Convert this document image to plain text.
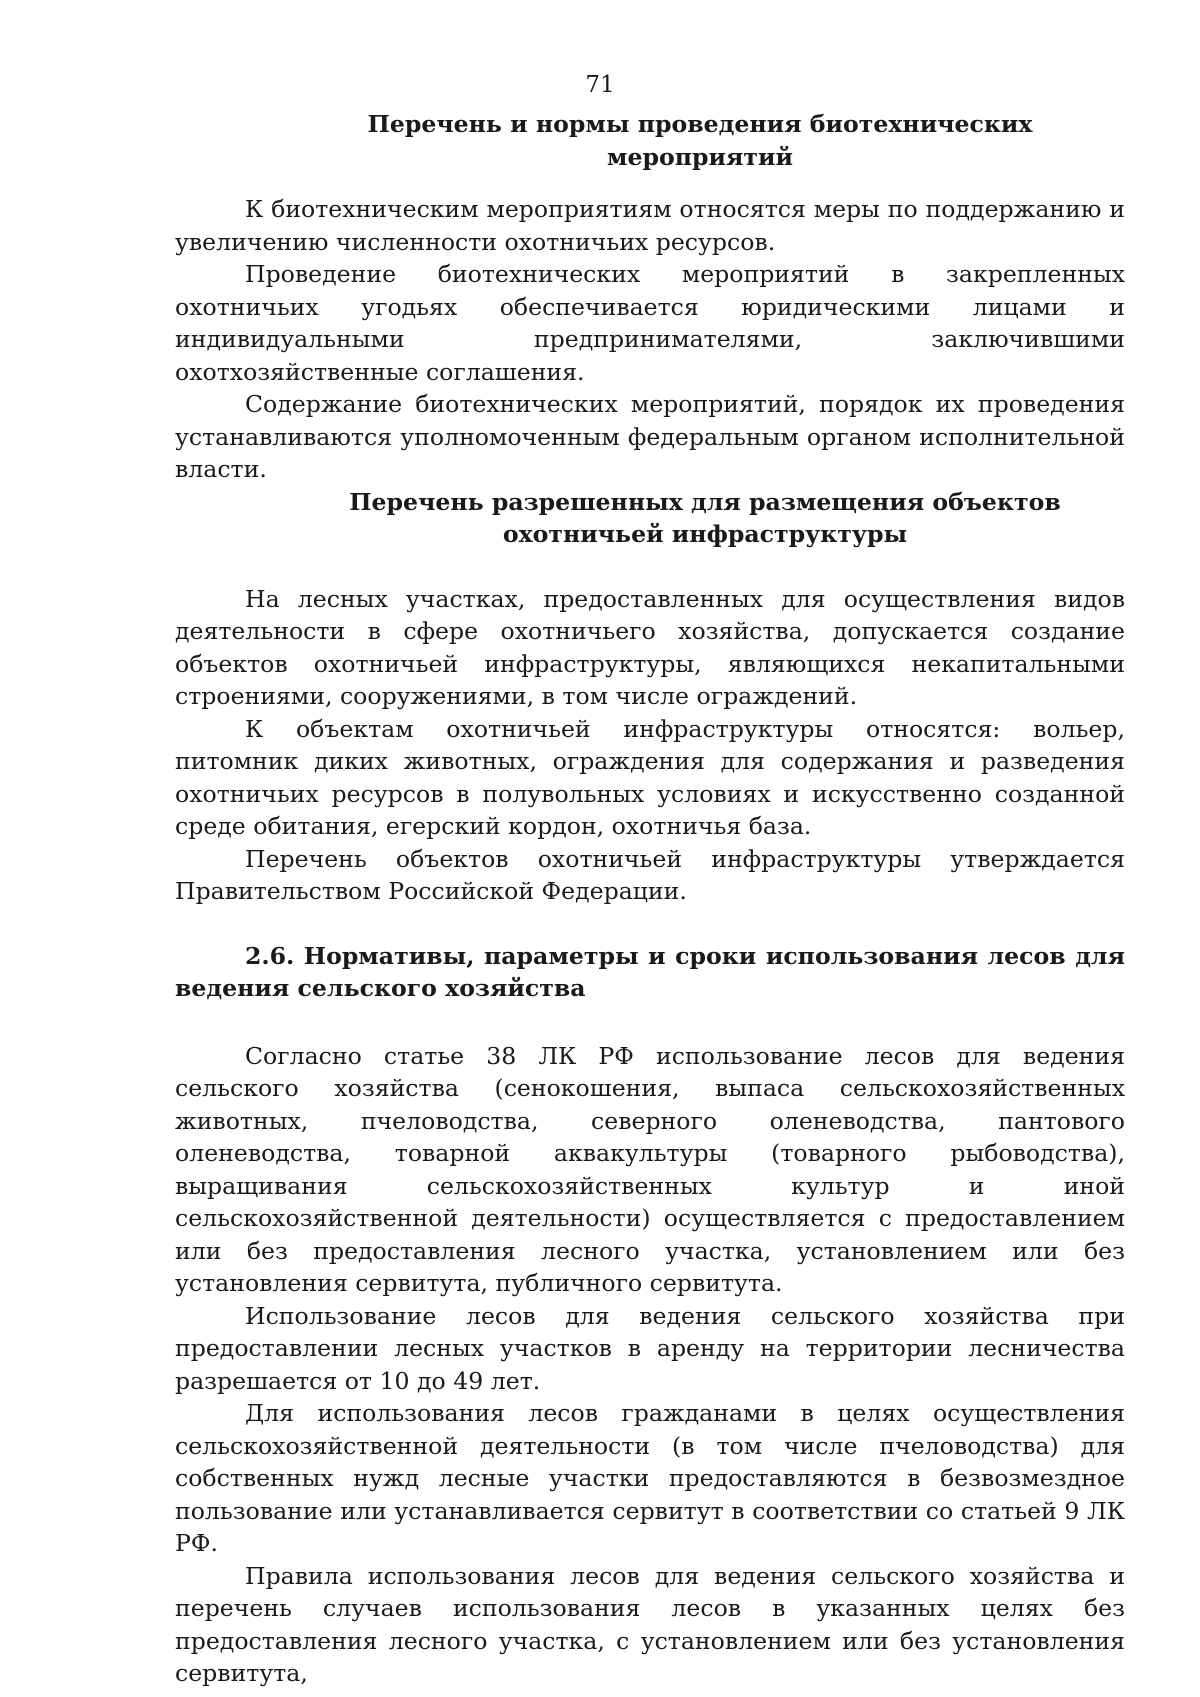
71

Перечень и нормы проведения биотехнических мероприятий

К биотехническим мероприятиям относятся меры по поддержанию и увеличению численности охотничьих ресурсов.

Проведение биотехнических мероприятий в закрепленных охотничьих угодьях обеспечивается юридическими лицами и индивидуальными предпринимателями, заключившими охотхозяйственные соглашения.

Содержание биотехнических мероприятий, порядок их проведения устанавливаются уполномоченным федеральным органом исполнительной власти.

Перечень разрешенных для размещения объектов
охотничьей инфраструктуры

На лесных участках, предоставленных для осуществления видов деятельности в сфере охотничьего хозяйства, допускается создание объектов охотничьей инфраструктуры, являющихся некапитальными строениями, сооружениями, в том числе ограждений.

К объектам охотничьей инфраструктуры относятся: вольер, питомник диких животных, ограждения для содержания и разведения охотничьих ресурсов в полувольных условиях и искусственно созданной среде обитания, егерский кордон, охотничья база.

Перечень объектов охотничьей инфраструктуры утверждается Правительством Российской Федерации.

2.6. Нормативы, параметры и сроки использования лесов для ведения сельского хозяйства

Согласно статье 38 ЛК РФ использование лесов для ведения сельского хозяйства (сенокошения, выпаса сельскохозяйственных животных, пчеловодства, северного оленеводства, пантового оленеводства, товарной аквакультуры (товарного рыбоводства), выращивания сельскохозяйственных культур и иной сельскохозяйственной деятельности) осуществляется с предоставлением или без предоставления лесного участка, установлением или без установления сервитута, публичного сервитута.

Использование лесов для ведения сельского хозяйства при предоставлении лесных участков в аренду на территории лесничества разрешается от 10 до 49 лет.

Для использования лесов гражданами в целях осуществления сельскохозяйственной деятельности (в том числе пчеловодства) для собственных нужд лесные участки предоставляются в безвозмездное пользование или устанавливается сервитут в соответствии со статьей 9 ЛК РФ.

Правила использования лесов для ведения сельского хозяйства и перечень случаев использования лесов в указанных целях без предоставления лесного участка, с установлением или без установления сервитута,
